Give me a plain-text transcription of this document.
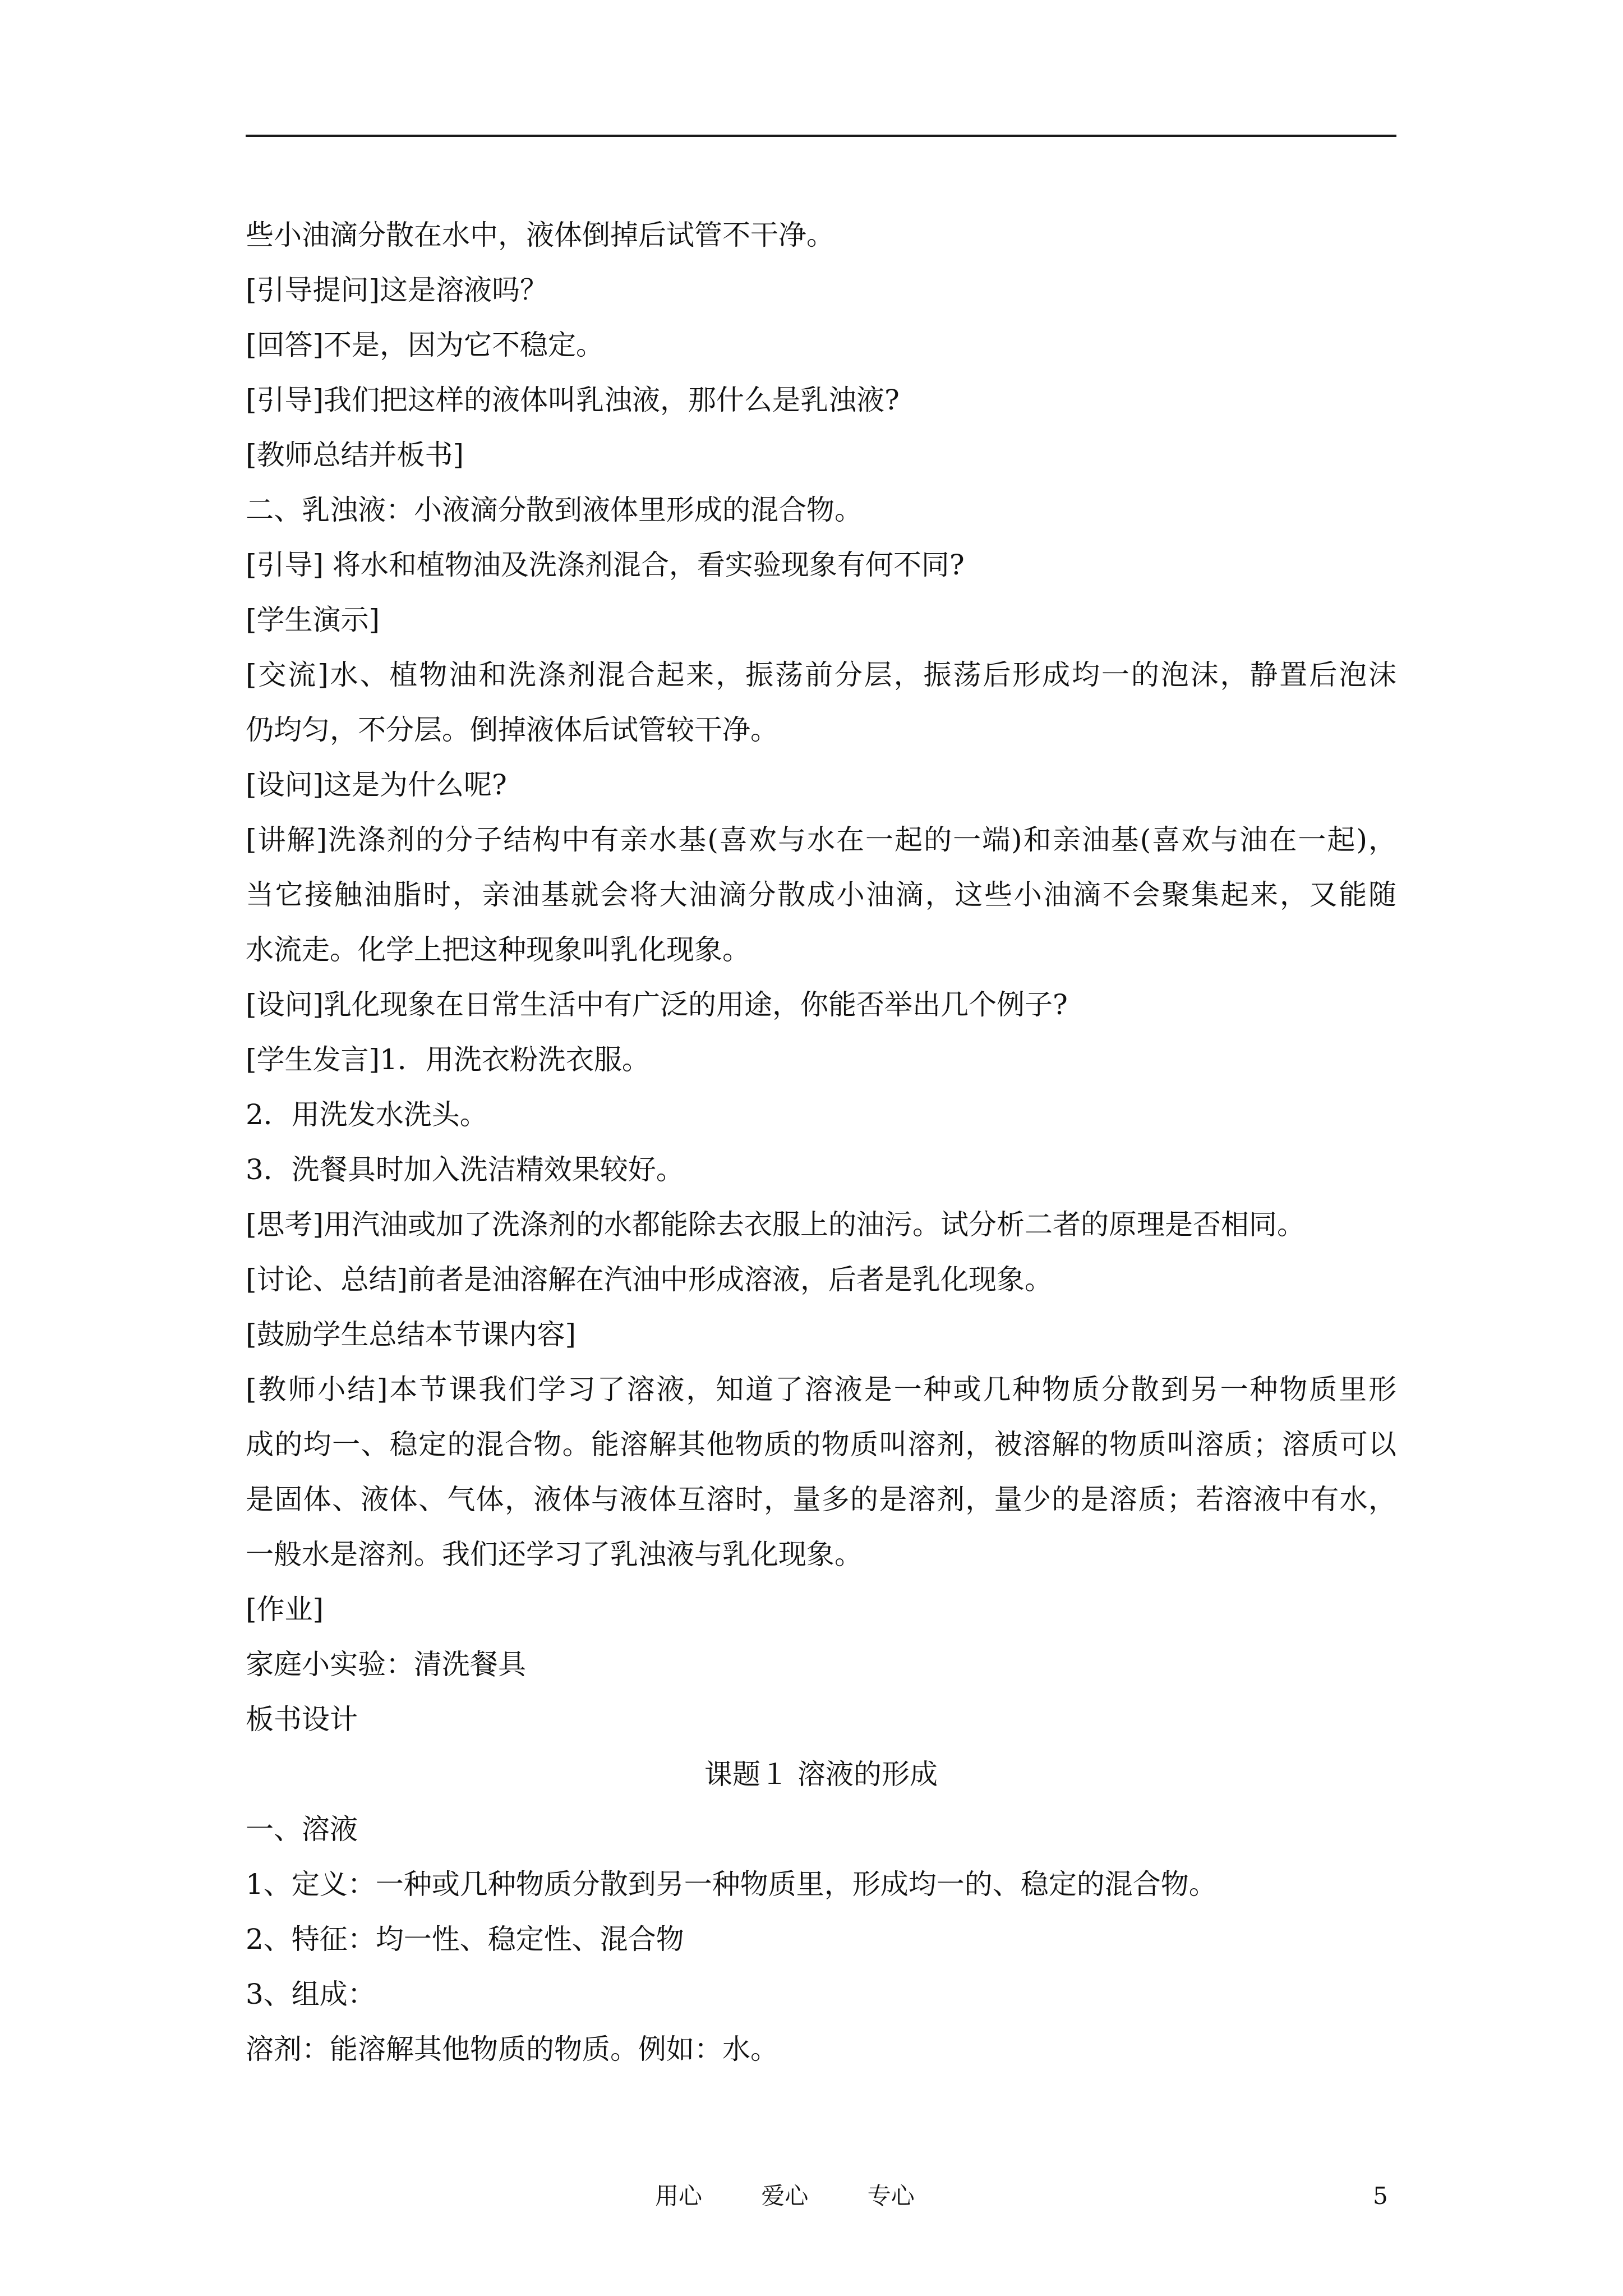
些小油滴分散在水中，液体倒掉后试管不干净。
[引导提问]这是溶液吗？
[回答]不是，因为它不稳定。
[引导]我们把这样的液体叫乳浊液，那什么是乳浊液?
[教师总结并板书]
二、乳浊液：小液滴分散到液体里形成的混合物。
[引导] 将水和植物油及洗涤剂混合，看实验现象有何不同?
[学生演示]
[交流]水、植物油和洗涤剂混合起来，振荡前分层，振荡后形成均一的泡沫，静置后泡沫
仍均匀，不分层。倒掉液体后试管较干净。
[设问]这是为什么呢?
[讲解]洗涤剂的分子结构中有亲水基(喜欢与水在一起的一端)和亲油基(喜欢与油在一起)，
当它接触油脂时，亲油基就会将大油滴分散成小油滴，这些小油滴不会聚集起来，又能随
水流走。化学上把这种现象叫乳化现象。
[设问]乳化现象在日常生活中有广泛的用途，你能否举出几个例子?
[学生发言]1．用洗衣粉洗衣服。
2．用洗发水洗头。
3．洗餐具时加入洗洁精效果较好。
[思考]用汽油或加了洗涤剂的水都能除去衣服上的油污。试分析二者的原理是否相同。
[讨论、总结]前者是油溶解在汽油中形成溶液，后者是乳化现象。
[鼓励学生总结本节课内容]
[教师小结]本节课我们学习了溶液，知道了溶液是一种或几种物质分散到另一种物质里形
成的均一、稳定的混合物。能溶解其他物质的物质叫溶剂，被溶解的物质叫溶质；溶质可以
是固体、液体、气体，液体与液体互溶时，量多的是溶剂，量少的是溶质；若溶液中有水，
一般水是溶剂。我们还学习了乳浊液与乳化现象。
[作业]
家庭小实验：清洗餐具
板书设计
课题１ 溶液的形成
一、溶液
1、定义：一种或几种物质分散到另一种物质里，形成均一的、稳定的混合物。
2、特征：均一性、稳定性、混合物
3、组成：
溶剂：能溶解其他物质的物质。例如：水。
用心	爱心	专心	5
